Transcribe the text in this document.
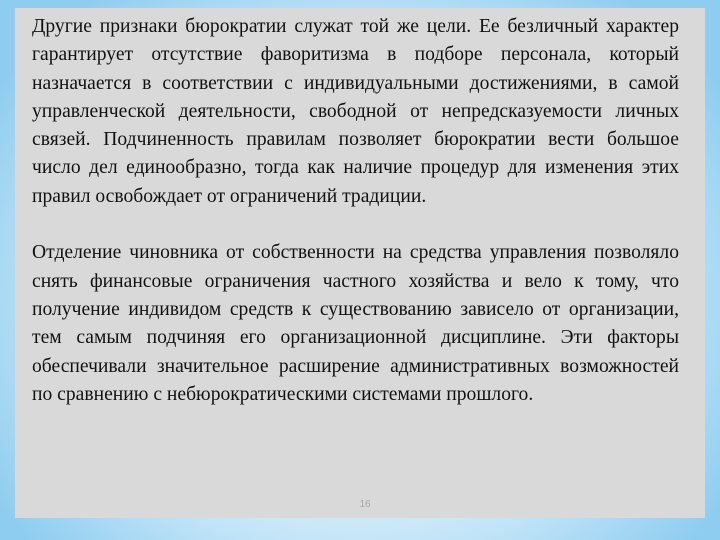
Другие признаки бюрократии служат той же цели. Ее безличный характер гарантирует отсутствие фаворитизма в подборе персонала, который назначается в соответствии с индивидуальными достижениями, в самой управленческой деятельности, свободной от непредсказуемости личных связей. Подчиненность правилам позволяет бюрократии вести большое число дел единообразно, тогда как наличие процедур для изменения этих правил освобождает от ограничений традиции.

Отделение чиновника от собственности на средства управления позволяло снять финансовые ограничения частного хозяйства и вело к тому, что получение индивидом средств к существованию зависело от организации, тем самым подчиняя его организационной дисциплине. Эти факторы обеспечивали значительное расширение административных возможностей по сравнению с небюрократическими системами прошлого.

16
